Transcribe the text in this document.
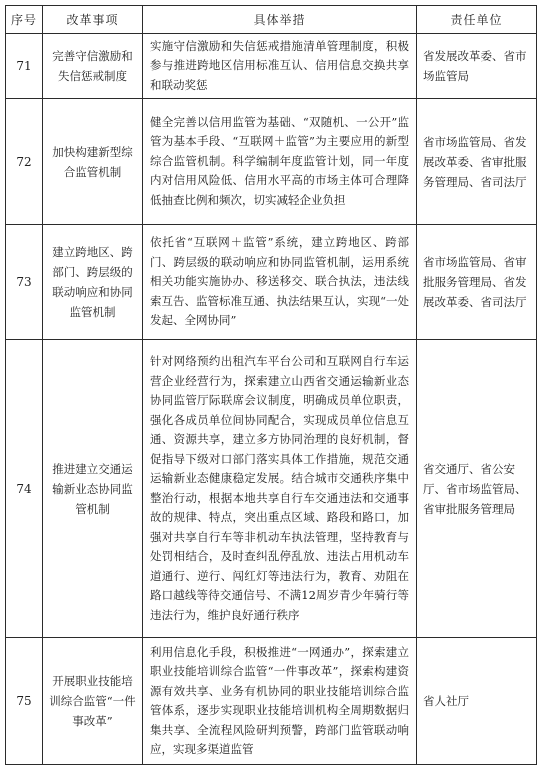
序号	改革事项	具体举措	责任单位
71	完善守信激励和失信惩戒制度	实施守信激励和失信惩戒措施清单管理制度，积极参与推进跨地区信用标准互认、信用信息交换共享和联动奖惩	省发展改革委、省市场监管局
72	加快构建新型综合监管机制	健全完善以信用监管为基础、“双随机、一公开”监管为基本手段、“互联网＋监管”为主要应用的新型综合监管机制。科学编制年度监管计划，同一年度内对信用风险低、信用水平高的市场主体可合理降低抽查比例和频次，切实减轻企业负担	省市场监管局、省发展改革委、省审批服务管理局、省司法厅
73	建立跨地区、跨部门、跨层级的联动响应和协同监管机制	依托省“互联网＋监管”系统，建立跨地区、跨部门、跨层级的联动响应和协同监管机制，运用系统相关功能实施协办、移送移交、联合执法，违法线索互告、监管标准互通、执法结果互认，实现“一处发起、全网协同”	省市场监管局、省审批服务管理局、省发展改革委、省司法厅
74	推进建立交通运输新业态协同监管机制	针对网络预约出租汽车平台公司和互联网自行车运营企业经营行为，探索建立山西省交通运输新业态协同监管厅际联席会议制度，明确成员单位职责，强化各成员单位间协同配合，实现成员单位信息互通、资源共享，建立多方协同治理的良好机制，督促指导下级对口部门落实具体工作措施，规范交通运输新业态健康稳定发展。结合城市交通秩序集中整治行动，根据本地共享自行车交通违法和交通事故的规律、特点，突出重点区域、路段和路口，加强对共享自行车等非机动车执法管理，坚持教育与处罚相结合，及时查纠乱停乱放、违法占用机动车道通行、逆行、闯红灯等违法行为，教育、劝阻在路口越线等待交通信号、不满12周岁青少年骑行等违法行为，维护良好通行秩序	省交通厅、省公安厅、省市场监管局、省审批服务管理局
75	开展职业技能培训综合监管“一件事改革”	利用信息化手段，积极推进“一网通办”，探索建立职业技能培训综合监管“一件事改革”，探索构建资源有效共享、业务有机协同的职业技能培训综合监管体系，逐步实现职业技能培训机构全周期数据归集共享、全流程风险研判预警，跨部门监管联动响应，实现多渠道监管	省人社厅
